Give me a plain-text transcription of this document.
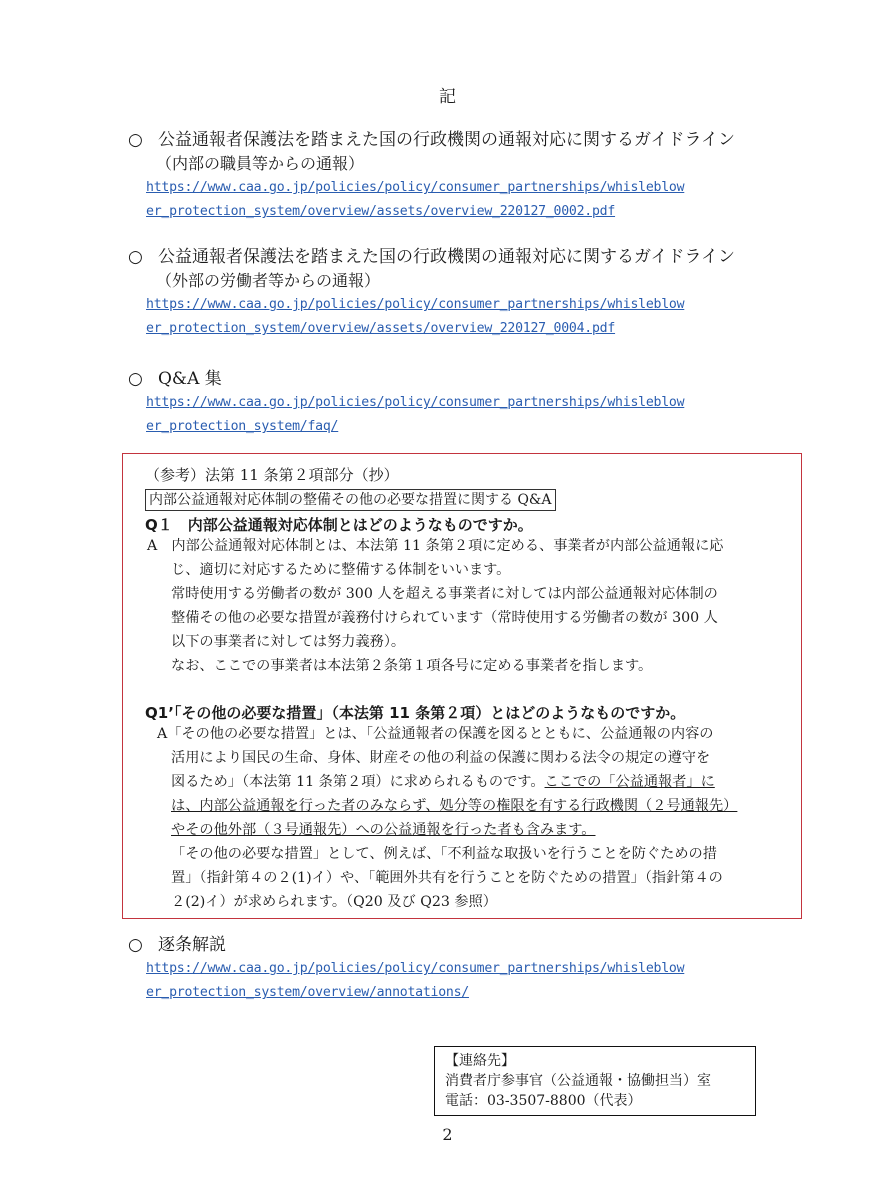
記
○ 公益通報者保護法を踏まえた国の行政機関の通報対応に関するガイドライン
（内部の職員等からの通報）
https://www.caa.go.jp/policies/policy/consumer_partnerships/whisleblow
er_protection_system/overview/assets/overview_220127_0002.pdf
○ 公益通報者保護法を踏まえた国の行政機関の通報対応に関するガイドライン
（外部の労働者等からの通報）
https://www.caa.go.jp/policies/policy/consumer_partnerships/whisleblow
er_protection_system/overview/assets/overview_220127_0004.pdf
○ Q&A 集
https://www.caa.go.jp/policies/policy/consumer_partnerships/whisleblow
er_protection_system/faq/
（参考）法第 11 条第２項部分（抄）
内部公益通報対応体制の整備その他の必要な措置に関する Q&A
Q１　内部公益通報対応体制とはどのようなものですか。
A　内部公益通報対応体制とは、本法第 11 条第２項に定める、事業者が内部公益通報に応
じ、適切に対応するために整備する体制をいいます。
常時使用する労働者の数が 300 人を超える事業者に対しては内部公益通報対応体制の
整備その他の必要な措置が義務付けられています（常時使用する労働者の数が 300 人
以下の事業者に対しては努力義務）。
なお、ここでの事業者は本法第２条第１項各号に定める事業者を指します。
Q1’「その他の必要な措置」（本法第 11 条第２項）とはどのようなものですか。
A「その他の必要な措置」とは、「公益通報者の保護を図るとともに、公益通報の内容の
活用により国民の生命、身体、財産その他の利益の保護に関わる法令の規定の遵守を
図るため」（本法第 11 条第２項）に求められるものです。ここでの「公益通報者」に
は、内部公益通報を行った者のみならず、処分等の権限を有する行政機関（２号通報先）
やその他外部（３号通報先）への公益通報を行った者も含みます。
「その他の必要な措置」として、例えば、「不利益な取扱いを行うことを防ぐための措
置」（指針第４の２(1)イ）や、「範囲外共有を行うことを防ぐための措置」（指針第４の
２(2)イ）が求められます。（Q20 及び Q23 参照）
○ 逐条解説
https://www.caa.go.jp/policies/policy/consumer_partnerships/whisleblow
er_protection_system/overview/annotations/
【連絡先】
消費者庁参事官（公益通報・協働担当）室
電話：03-3507-8800（代表）
2
